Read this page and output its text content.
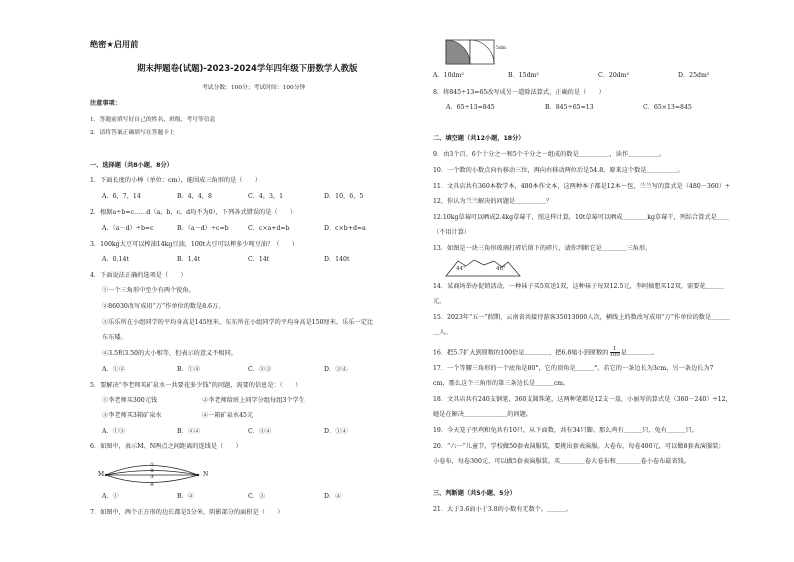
绝密★启用前
期末押题卷(试题)-2023-2024学年四年级下册数学人教版
考试分数：100分；考试时间：100分钟
注意事项：
1．答题前填写好自己的姓名、班级、考号等信息
2．请将答案正确填写在答题卡上
一、选择题（共8小题，8分）
1．下面长度的小棒（单位：cm），能围成三角形的是（　　）
A．6，7，14	B．4，4，8	C．4，3，1	D．10，6，5
2．根据a÷b=c……d（a，b，c，d均不为0），下列各式错误的是（　　）
A．（a－d）÷b=c	B．（a－d）÷c=b	C．c×a+d=b	D．c×b+d=a
3．100kg大豆可以榨油14kg豆油，100t大豆可以榨多少吨豆油？（　　）
A．0.14t	B．1.4t	C．14t	D．140t
4．下面说法正确的选项是（　　）
①一个三角形中至少有两个锐角。
②86030改写成用“万”作单位的数是8.6万。
③乐乐所在小组同学的平均身高是145厘米，东东所在小组同学的平均身高是150厘米，乐乐一定比
东东矮。
④3.5和3.50的大小相等，但表示的意义不相同。
A．①②	B．①④	C．②③	D．③④
5．要解决“李老师买矿泉水一共要花多少钱”的问题，需要的信息是：（　　）
①李老师买300元钱	②李老师给班上同学分组每组3个学生
③李老师买3箱矿泉水	④一箱矿泉水45元
A．①③	B．②④	C．③④	D．①④
6．如图中，表示M、N两点之间距离的连线是（　　）
①
②
③
④
M	N
A．①	B．②	C．③	D．④
7．如图中，两个正方形的边长都是5分米，阴影部分的面积是（　　）
5dm
A．10dm²	B．15dm²	C．20dm²	D．25dm²
8．将845÷13=65改写成另一道除法算式，正确的是（　　）
A．65÷13=845	B．845÷65=13	C．65×13=845
二、填空题（共12小题，18分）
9．由3个百、6个十分之一和5个千分之一组成的数是＿＿＿＿＿，读作＿＿＿＿＿。
10．一个数的小数点向右移动三位，再向右移动两位后是54.8，原来这个数是＿＿＿＿＿。
11．文具店共有360本数学本，480本作文本，这两种本子都是12本一包，兰兰写的算式是（480－360）÷
12，你认为兰兰解决的问题是＿＿＿＿＿？
12.10kg草莓可以晒成2.4kg草莓干，照这样计算，10t草莓可以晒成＿＿＿＿kg草莓干，列综合算式是＿＿
（不用计算）
13．如图是一块三角形玻璃打碎后留下的碎片，请你判断它是＿＿＿＿三角形。
44°	46°
14．某商场举办促销活动，一种袜子买5双送1双，这种袜子每双12.5元，李阿姨想买12双，需要花＿＿＿
元。
15．2023年“五一”假期，云南省共接待游客35013000人次，横线上的数改写成用“万”作单位的数是＿＿＿
＿人。
16．把5.7扩大到原数的100倍是＿＿＿＿，把6.8缩小到原数的 $\frac{1}{100}$ 是＿＿＿＿。
17．一个等腰三角形的一个底角是80°，它的顶角是＿＿＿°。若它的一条边长为3cm，另一条边长为7
cm，那么这个三角形的第三条边长是＿＿＿cm。
18．文具店共有240支钢笔，360支圆珠笔，这两种笔都是12支一盒，小丽写的算式是（360－240）÷12，
她是在解决＿＿＿＿＿＿＿的问题。
19．今天笼子里鸡和兔共有10只，从下面数，共有34只脚。那么鸡有＿＿＿只，兔有＿＿＿只。
20．“六一”儿童节，学校做50套表演服装，要挑出套表演服。大卷布，每卷400元，可以做8套表演服装；
小卷布，每卷300元，可以做5套表演服装。买＿＿＿＿卷大卷布和＿＿＿＿卷小卷布最省钱。
三、判断题（共5小题，5分）
21．大于3.6而小于3.8的小数有无数个。＿＿＿。
